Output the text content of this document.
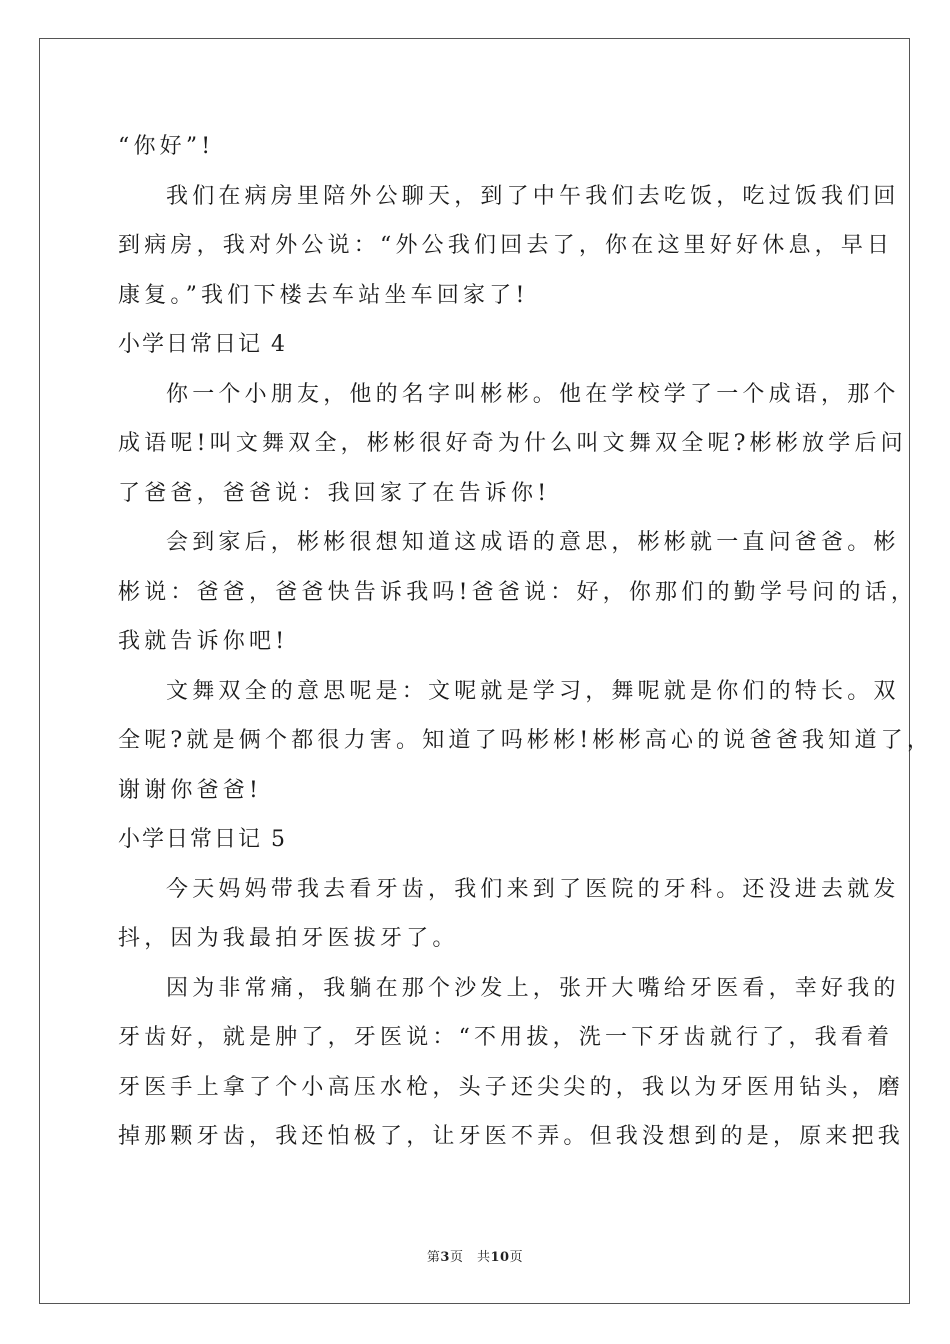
“你好”!
我们在病房里陪外公聊天，到了中午我们去吃饭，吃过饭我们回
到病房，我对外公说：“外公我们回去了，你在这里好好休息，早日
康复。”我们下楼去车站坐车回家了!
小学日常日记 4
你一个小朋友，他的名字叫彬彬。他在学校学了一个成语，那个
成语呢!叫文舞双全，彬彬很好奇为什么叫文舞双全呢?彬彬放学后问
了爸爸，爸爸说：我回家了在告诉你!
会到家后，彬彬很想知道这成语的意思，彬彬就一直问爸爸。彬
彬说：爸爸，爸爸快告诉我吗!爸爸说：好，你那们的勤学号问的话，
我就告诉你吧!
文舞双全的意思呢是：文呢就是学习，舞呢就是你们的特长。双
全呢?就是俩个都很力害。知道了吗彬彬!彬彬高心的说爸爸我知道了，
谢谢你爸爸!
小学日常日记 5
今天妈妈带我去看牙齿，我们来到了医院的牙科。还没进去就发
抖，因为我最拍牙医拔牙了。
因为非常痛，我躺在那个沙发上，张开大嘴给牙医看，幸好我的
牙齿好，就是肿了，牙医说：“不用拔，洗一下牙齿就行了，我看着
牙医手上拿了个小高压水枪，头子还尖尖的，我以为牙医用钻头，磨
掉那颗牙齿，我还怕极了，让牙医不弄。但我没想到的是，原来把我
第3页　共10页
